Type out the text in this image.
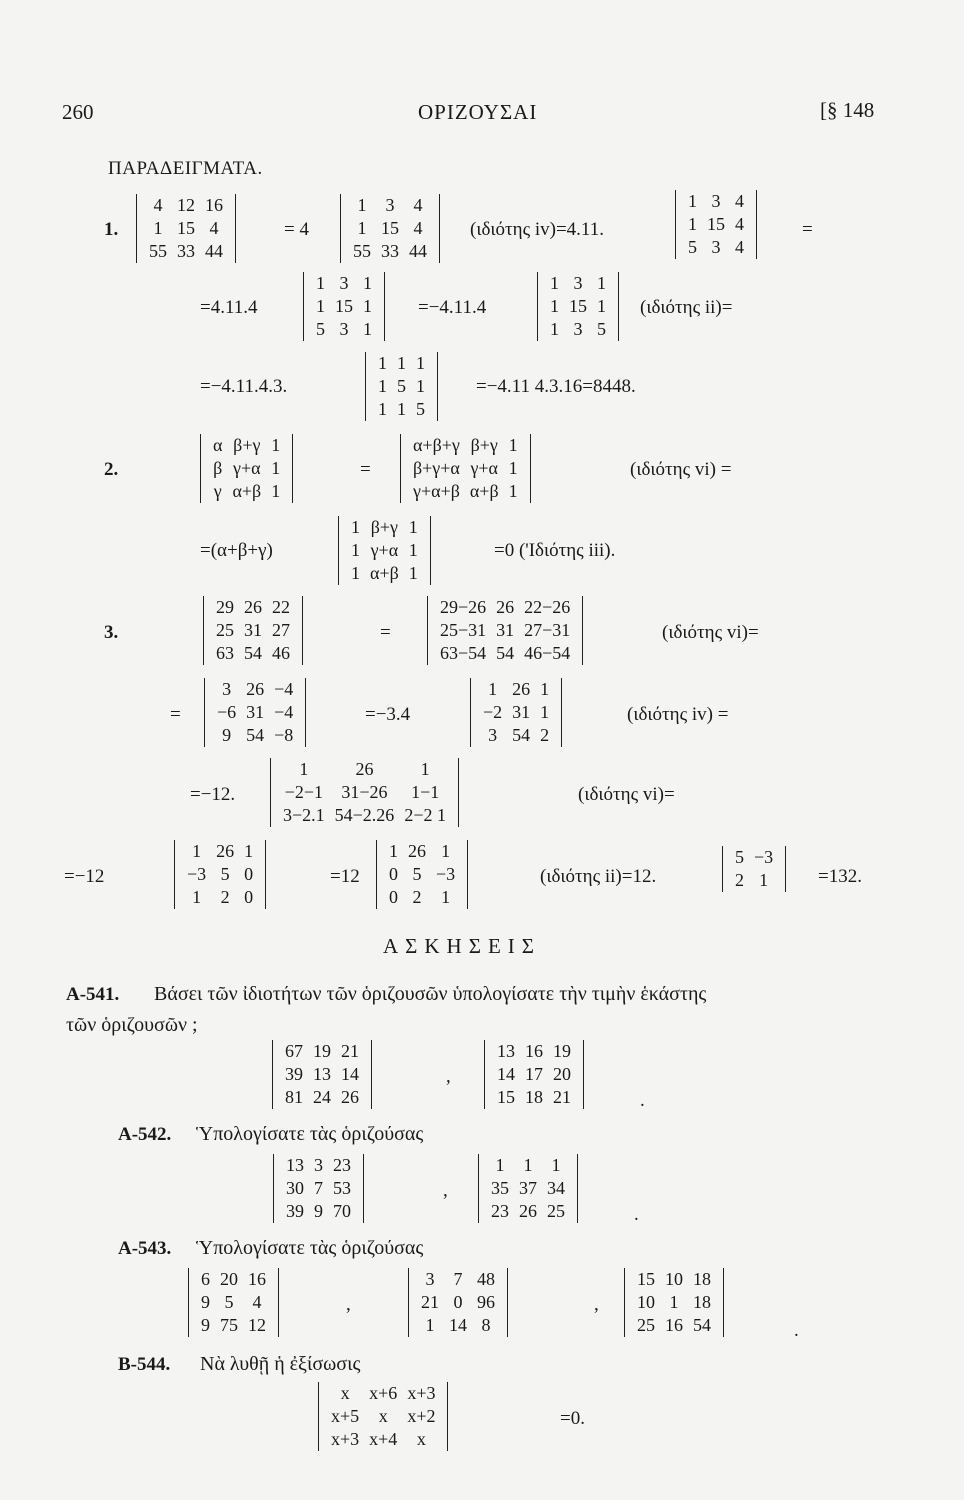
260	ΟΡΙΖΟΥΣΑΙ	[§ 148
ΠΑΡΑΔΕΙΓΜΑΤΑ.
1.
4	12	16
1	15	4
55	33	44
= 4
1	3	4
1	15	4
55	33	44
(ιδιότης iv)=4.11.
1	3	4
1	15	4
5	3	4
=
=4.11.4
1	3	1
1	15	1
5	3	1
=−4.11.4
1	3	1
1	15	1
1	3	5
(ιδιότης ii)=
=−4.11.4.3.
1	1	1
1	5	1
1	1	5
=−4.11 4.3.16=8448.
2.
α	β+γ	1
β	γ+α	1
γ	α+β	1
=
α+β+γ	β+γ	1
β+γ+α	γ+α	1
γ+α+β	α+β	1
(ιδιότης vi) =
=(α+β+γ)
1	β+γ	1
1	γ+α	1
1	α+β	1
=0 ('Ιδιότης iii).
3.
29	26	22
25	31	27
63	54	46
=
29−26	26	22−26
25−31	31	27−31
63−54	54	46−54
(ιδιότης vi)=
=
3	26	−4
−6	31	−4
9	54	−8
=−3.4
1	26	1
−2	31	1
3	54	2
(ιδιότης iv) =
=−12.
1	26	1
−2−1	31−26	1−1
3−2.1	54−2.26	2−2 1
(ιδιότης vi)=
=−12
1	26	1
−3	5	0
1	2	0
=12
1	26	1
0	5	−3
0	2	1
(ιδιότης ii)=12.
5	−3
2	1	=132.
ΑΣΚΗΣΕΙΣ
Α-541. Βάσει τῶν ἰδιοτήτων τῶν ὁριζουσῶν ὑπολογίσατε τὴν τιμὴν ἑκάστης
τῶν ὁριζουσῶν ;
67	19	21
39	13	14
81	24	26
,
13	16	19
14	17	20
15	18	21	.
Α-542. Ὑπολογίσατε τὰς ὁριζούσας
13	3	23
30	7	53
39	9	70
,
1	1	1
35	37	34
23	26	25	.
Α-543. Ὑπολογίσατε τὰς ὁριζούσας
6	20	16
9	5	4
9	75	12
,
3	7	48
21	0	96
1	14	8
,
15	10	18
10	1	18
25	16	54	.
Β-544. Νὰ λυθῇ ἡ ἐξίσωσις
x	x+6	x+3
x+5	x	x+2
x+3	x+4	x
=0.
